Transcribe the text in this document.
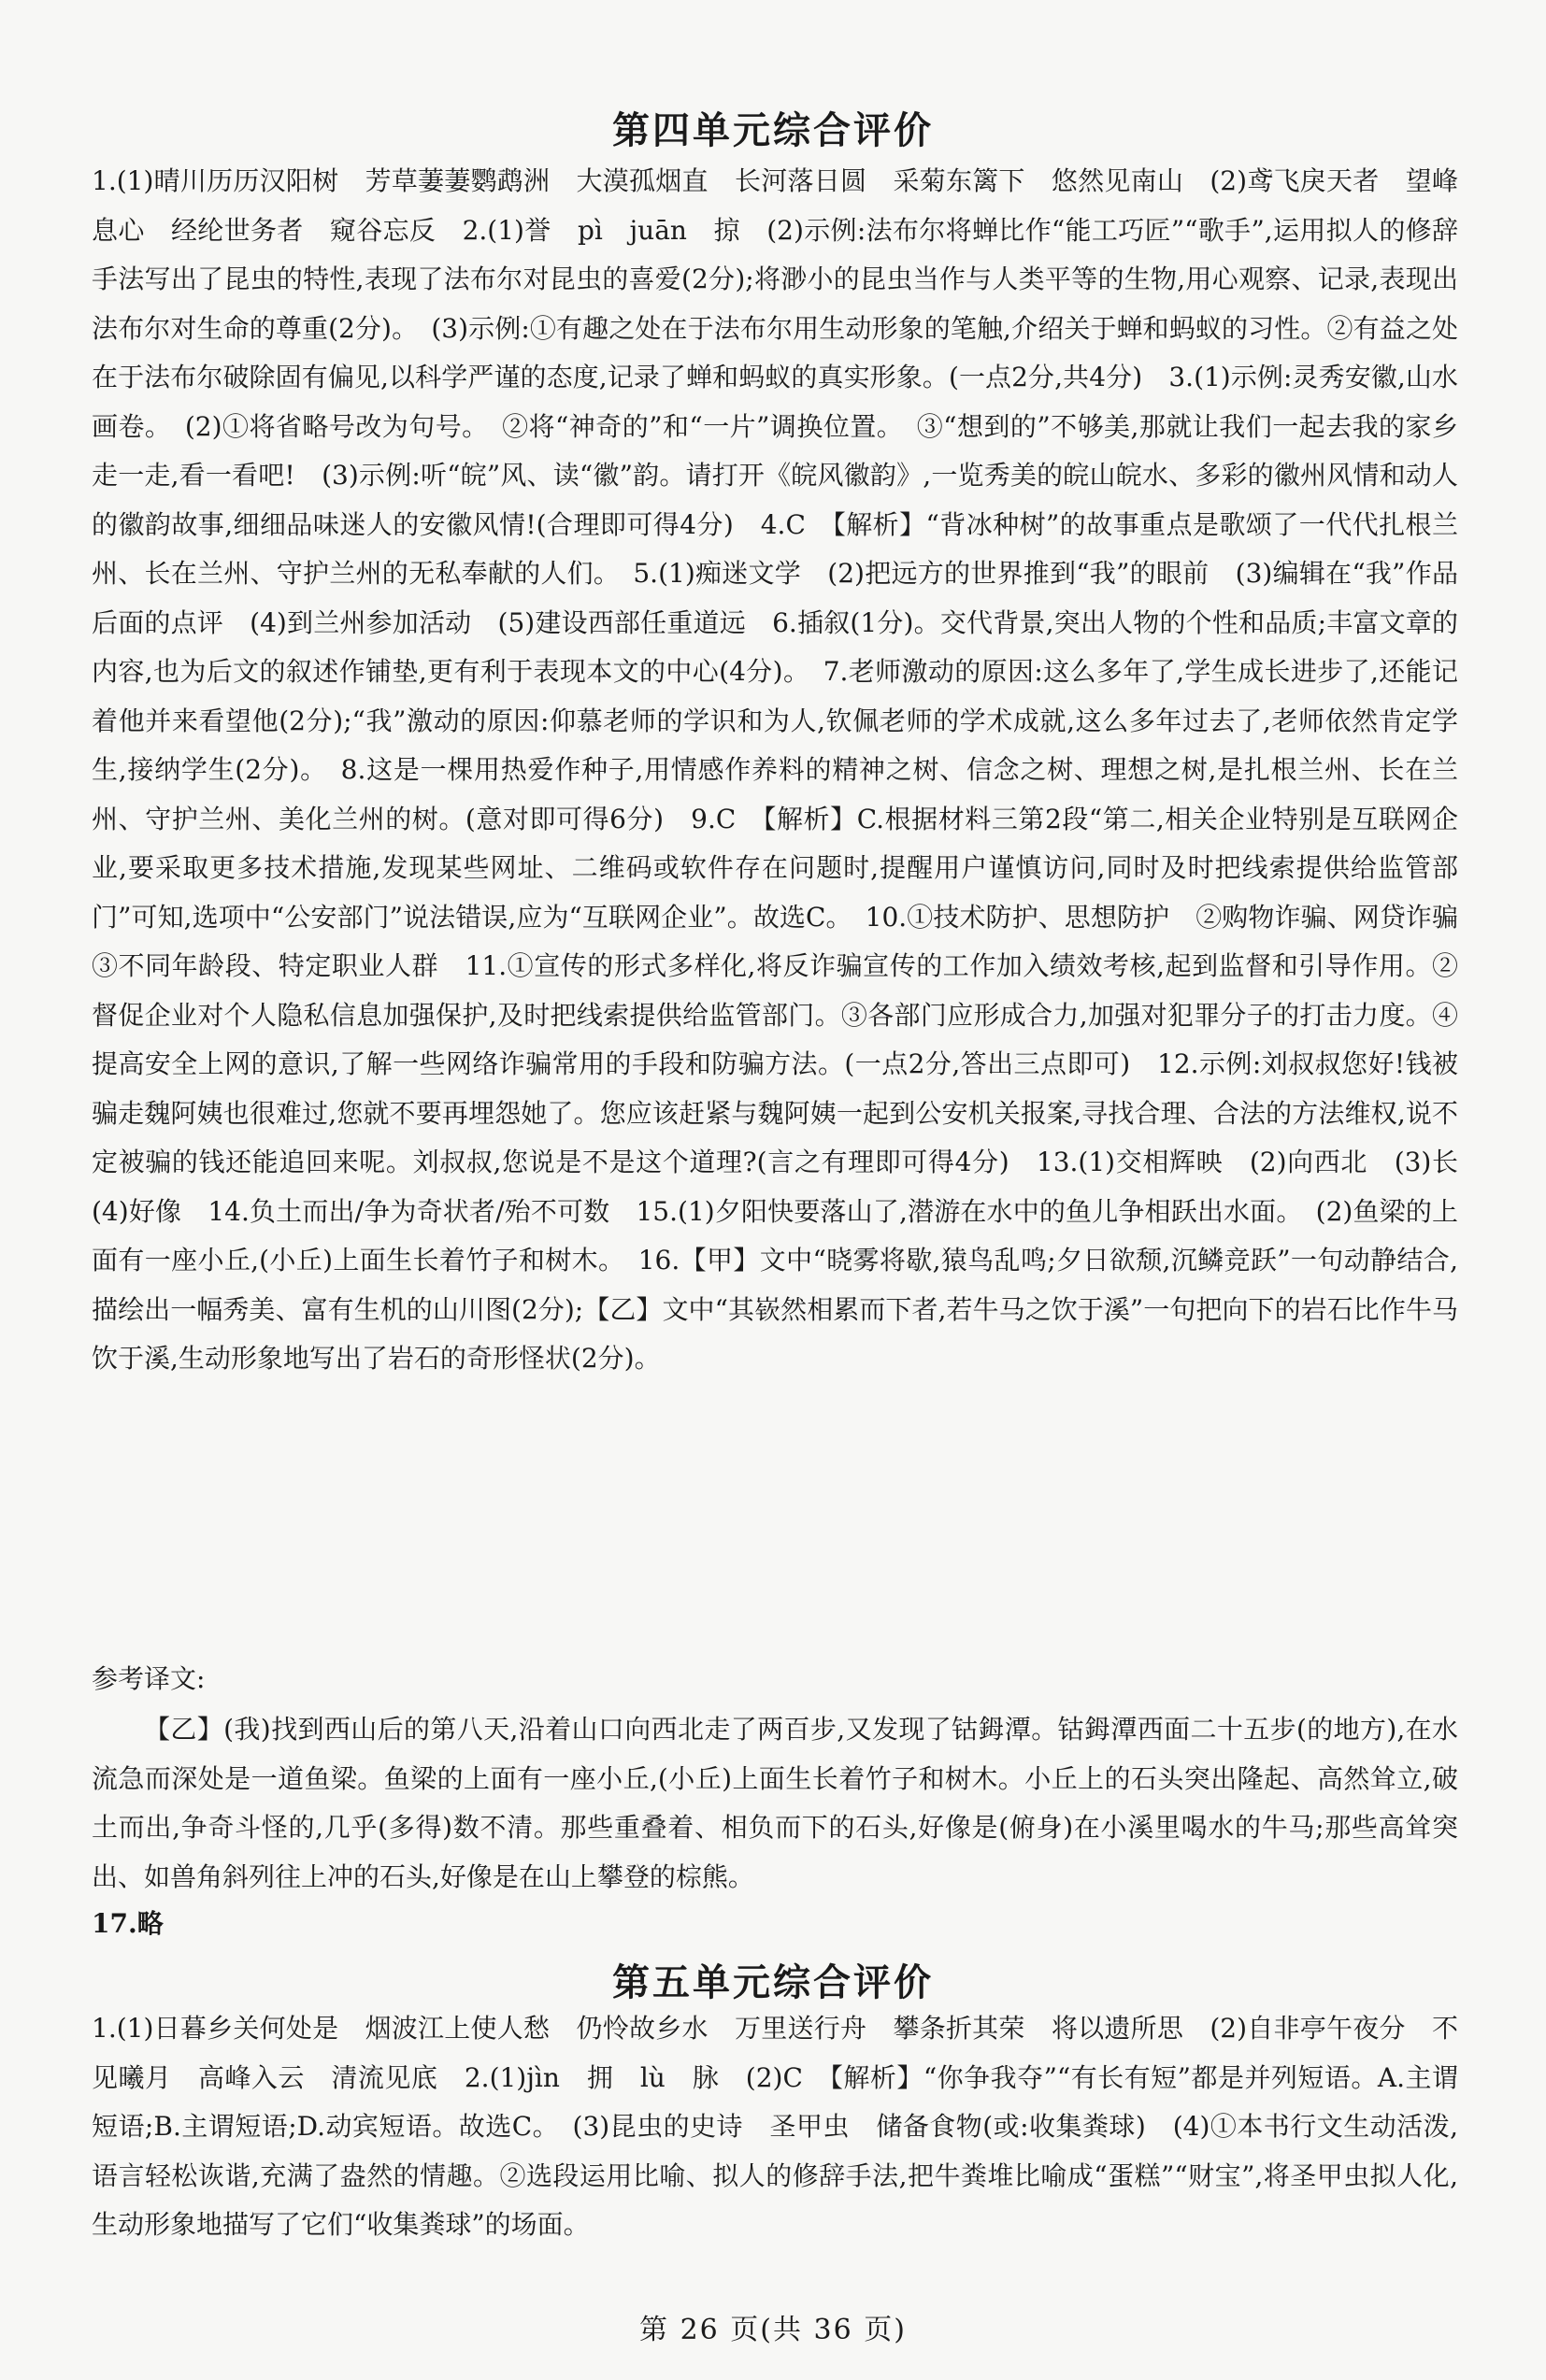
第四单元综合评价

1.(1)晴川历历汉阳树　芳草萋萋鹦鹉洲　大漠孤烟直　长河落日圆　采菊东篱下　悠然见南山　(2)鸢飞戾天者　望峰息心　经纶世务者　窥谷忘反　2.(1)誉　pì　juān　掠　(2)示例:法布尔将蝉比作“能工巧匠”“歌手”,运用拟人的修辞手法写出了昆虫的特性,表现了法布尔对昆虫的喜爱(2分);将渺小的昆虫当作与人类平等的生物,用心观察、记录,表现出法布尔对生命的尊重(2分)。　(3)示例:①有趣之处在于法布尔用生动形象的笔触,介绍关于蝉和蚂蚁的习性。②有益之处在于法布尔破除固有偏见,以科学严谨的态度,记录了蝉和蚂蚁的真实形象。(一点2分,共4分)　3.(1)示例:灵秀安徽,山水画卷。　(2)①将省略号改为句号。　②将“神奇的”和“一片”调换位置。　③“想到的”不够美,那就让我们一起去我的家乡走一走,看一看吧!　(3)示例:听“皖”风、读“徽”韵。请打开《皖风徽韵》,一览秀美的皖山皖水、多彩的徽州风情和动人的徽韵故事,细细品味迷人的安徽风情!(合理即可得4分)　4.C　【解析】“背冰种树”的故事重点是歌颂了一代代扎根兰州、长在兰州、守护兰州的无私奉献的人们。　5.(1)痴迷文学　(2)把远方的世界推到“我”的眼前　(3)编辑在“我”作品后面的点评　(4)到兰州参加活动　(5)建设西部任重道远　6.插叙(1分)。交代背景,突出人物的个性和品质;丰富文章的内容,也为后文的叙述作铺垫,更有利于表现本文的中心(4分)。　7.老师激动的原因:这么多年了,学生成长进步了,还能记着他并来看望他(2分);“我”激动的原因:仰慕老师的学识和为人,钦佩老师的学术成就,这么多年过去了,老师依然肯定学生,接纳学生(2分)。　8.这是一棵用热爱作种子,用情感作养料的精神之树、信念之树、理想之树,是扎根兰州、长在兰州、守护兰州、美化兰州的树。(意对即可得6分)　9.C　【解析】C.根据材料三第2段“第二,相关企业特别是互联网企业,要采取更多技术措施,发现某些网址、二维码或软件存在问题时,提醒用户谨慎访问,同时及时把线索提供给监管部门”可知,选项中“公安部门”说法错误,应为“互联网企业”。故选C。　10.①技术防护、思想防护　②购物诈骗、网贷诈骗　③不同年龄段、特定职业人群　11.①宣传的形式多样化,将反诈骗宣传的工作加入绩效考核,起到监督和引导作用。②督促企业对个人隐私信息加强保护,及时把线索提供给监管部门。③各部门应形成合力,加强对犯罪分子的打击力度。④提高安全上网的意识,了解一些网络诈骗常用的手段和防骗方法。(一点2分,答出三点即可)　12.示例:刘叔叔您好!钱被骗走魏阿姨也很难过,您就不要再埋怨她了。您应该赶紧与魏阿姨一起到公安机关报案,寻找合理、合法的方法维权,说不定被骗的钱还能追回来呢。刘叔叔,您说是不是这个道理?(言之有理即可得4分)　13.(1)交相辉映　(2)向西北　(3)长　(4)好像　14.负土而出/争为奇状者/殆不可数　15.(1)夕阳快要落山了,潜游在水中的鱼儿争相跃出水面。　(2)鱼梁的上面有一座小丘,(小丘)上面生长着竹子和树木。　16.【甲】文中“晓雾将歇,猿鸟乱鸣;夕日欲颓,沉鳞竞跃”一句动静结合,描绘出一幅秀美、富有生机的山川图(2分);【乙】文中“其嵚然相累而下者,若牛马之饮于溪”一句把向下的岩石比作牛马饮于溪,生动形象地写出了岩石的奇形怪状(2分)。

参考译文:

【乙】(我)找到西山后的第八天,沿着山口向西北走了两百步,又发现了钴鉧潭。钴鉧潭西面二十五步(的地方),在水流急而深处是一道鱼梁。鱼梁的上面有一座小丘,(小丘)上面生长着竹子和树木。小丘上的石头突出隆起、高然耸立,破土而出,争奇斗怪的,几乎(多得)数不清。那些重叠着、相负而下的石头,好像是(俯身)在小溪里喝水的牛马;那些高耸突出、如兽角斜列往上冲的石头,好像是在山上攀登的棕熊。

17.略

第五单元综合评价

1.(1)日暮乡关何处是　烟波江上使人愁　仍怜故乡水　万里送行舟　攀条折其荣　将以遗所思　(2)自非亭午夜分　不见曦月　高峰入云　清流见底　2.(1)jìn　拥　lù　脉　(2)C　【解析】“你争我夺”“有长有短”都是并列短语。A.主谓短语;B.主谓短语;D.动宾短语。故选C。　(3)昆虫的史诗　圣甲虫　储备食物(或:收集粪球)　(4)①本书行文生动活泼,语言轻松诙谐,充满了盎然的情趣。②选段运用比喻、拟人的修辞手法,把牛粪堆比喻成“蛋糕”“财宝”,将圣甲虫拟人化,生动形象地描写了它们“收集粪球”的场面。

第 26 页(共 36 页)
